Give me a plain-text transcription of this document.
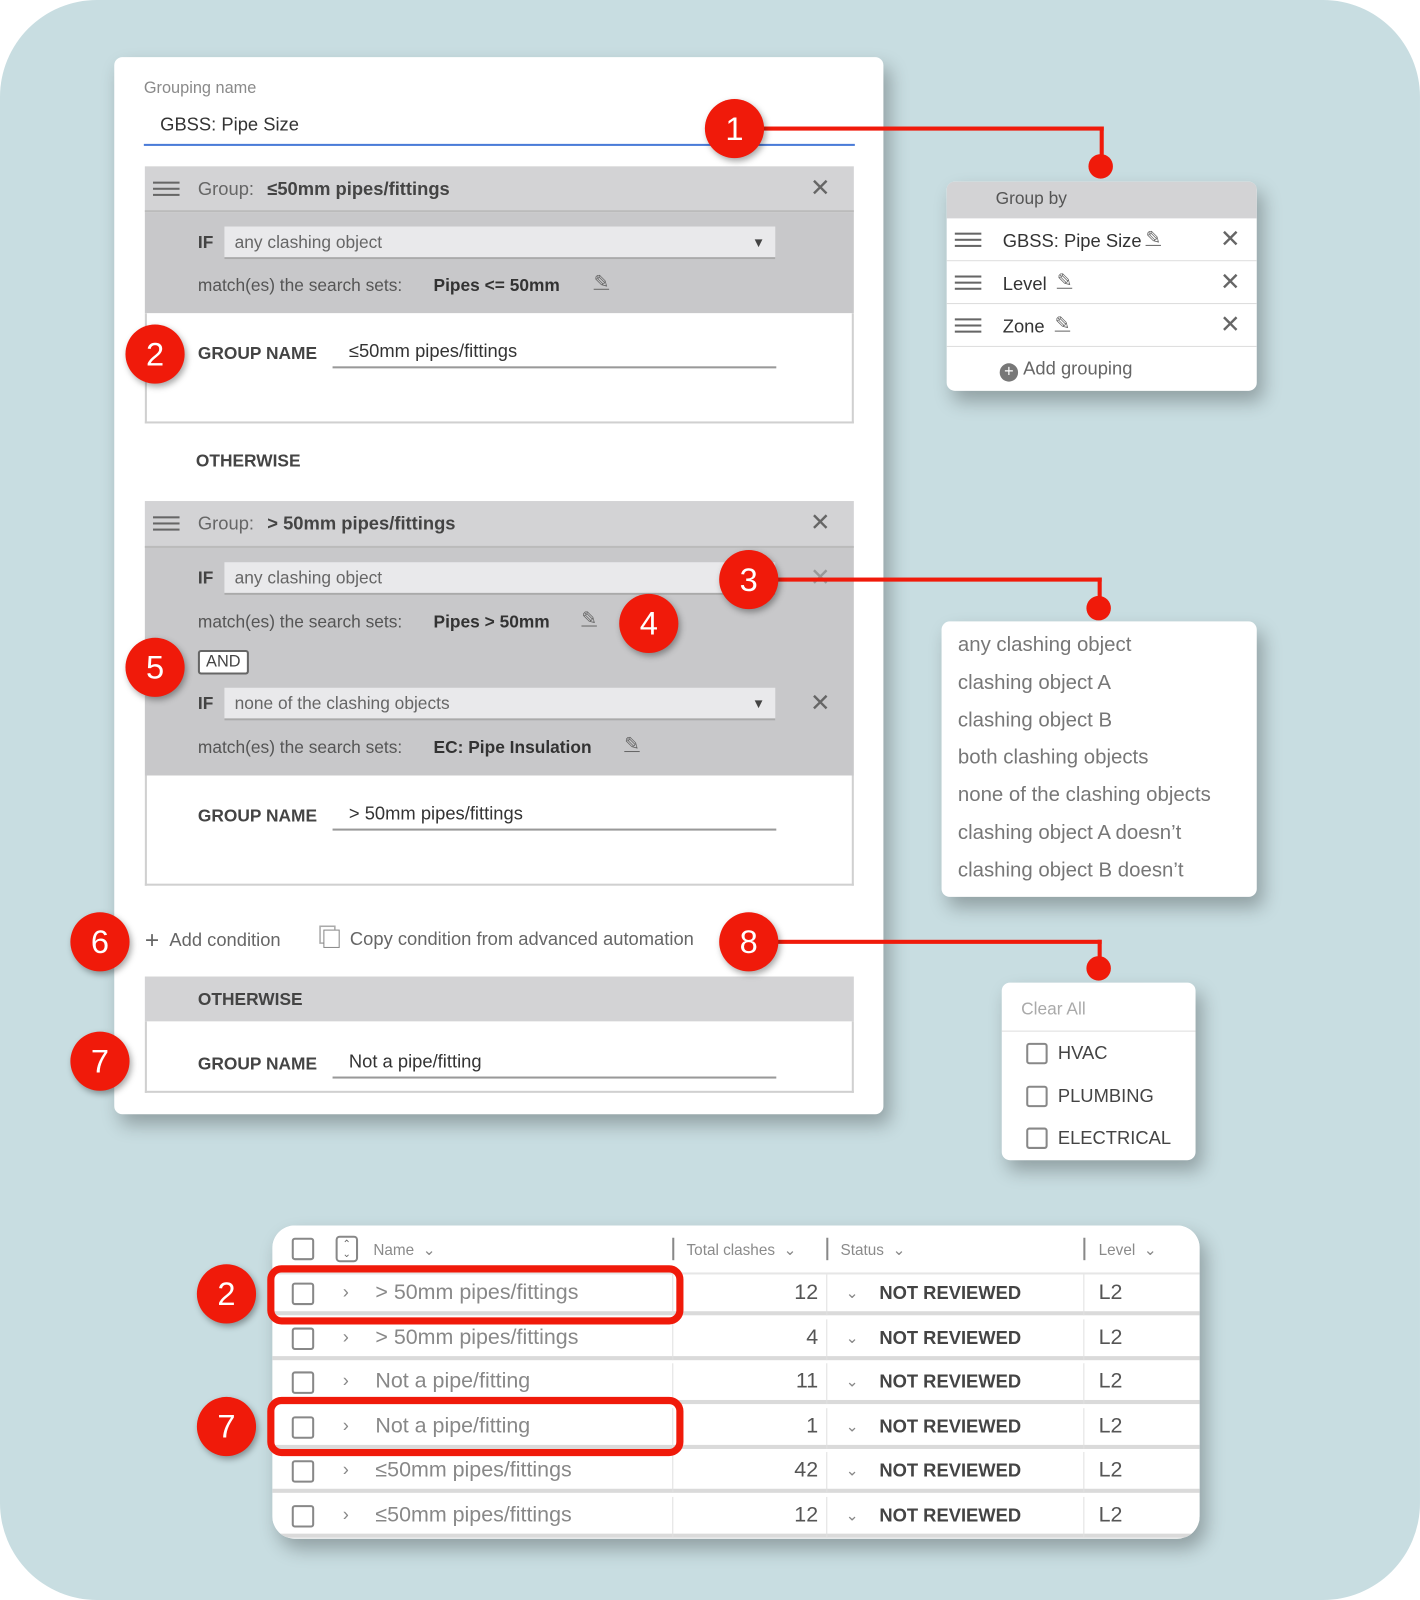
Grouping name
GBSS: Pipe Size
Group: ≤50mm pipes/fittings	✕
IF	any clashing object	▼
match(es) the search sets: Pipes <= 50mm ✎
GROUP NAME	≤50mm pipes/fittings
OTHERWISE
Group: > 50mm pipes/fittings	✕
IF	any clashing object
match(es) the search sets: Pipes > 50mm ✎
AND
IF	none of the clashing objects	▼ ✕
match(es) the search sets: EC: Pipe Insulation ✎
GROUP NAME	> 50mm pipes/fittings
+ Add condition	Copy condition from advanced automation
OTHERWISE
GROUP NAME	Not a pipe/fitting
Group by
GBSS: Pipe Size ✎ ✕
Level ✎	✕
Zone ✎	✕
+ Add grouping
any clashing object
clashing object A
clashing object B
both clashing objects
none of the clashing objects
clashing object A doesn’t
clashing object B doesn’t
Clear All
HVAC
PLUMBING
ELECTRICAL
⌃
⌄	Name  ⌄	Total clashes  ⌄	Status  ⌄	Level  ⌄
› > 50mm pipes/fittings	12 ⌄ NOT REVIEWED	L2
› > 50mm pipes/fittings	4 ⌄ NOT REVIEWED	L2
› Not a pipe/fitting	11 ⌄ NOT REVIEWED	L2
› Not a pipe/fitting	1 ⌄ NOT REVIEWED	L2
› ≤50mm pipes/fittings	42 ⌄ NOT REVIEWED	L2
› ≤50mm pipes/fittings	12 ⌄ NOT REVIEWED	L2
1
2
3
4
5
6
7
8
2
7
